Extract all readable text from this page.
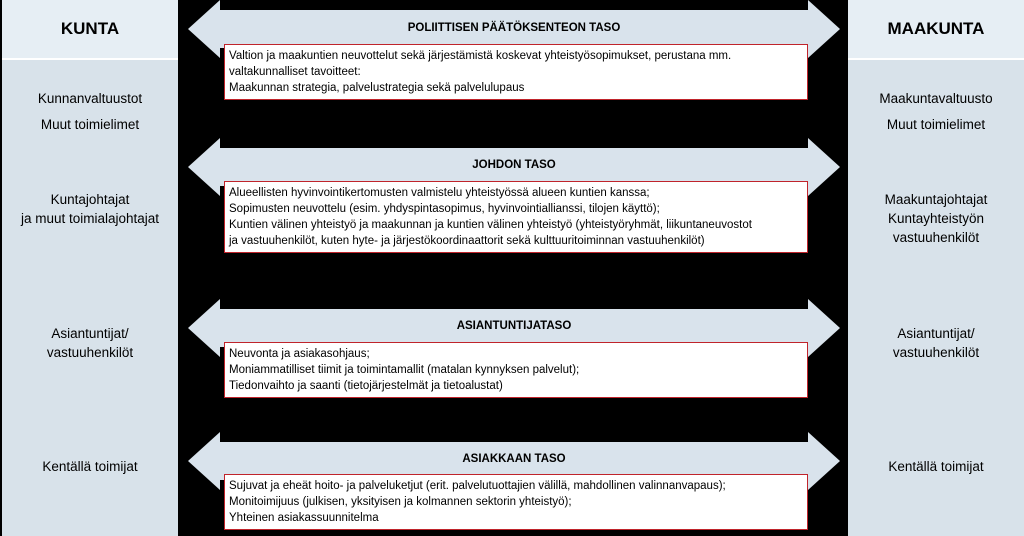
KUNTA
Kunnanvaltuustot
Muut toimielimet
Kuntajohtajat
ja muut toimialajohtajat
Asiantuntijat/
vastuuhenkilöt
Kentällä toimijat
MAAKUNTA
Maakuntavaltuusto
Muut toimielimet
Maakuntajohtajat
Kuntayhteistyön
vastuuhenkilöt
Asiantuntijat/
vastuuhenkilöt
Kentällä toimijat
POLIITTISEN PÄÄTÖKSENTEON TASO
Valtion ja maakuntien neuvottelut sekä järjestämistä koskevat yhteistyösopimukset, perustana mm.
valtakunnalliset tavoitteet:
Maakunnan strategia, palvelustrategia sekä palvelulupaus
JOHDON TASO
Alueellisten hyvinvointikertomusten valmistelu yhteistyössä alueen kuntien kanssa;
Sopimusten neuvottelu (esim. yhdyspintasopimus, hyvinvointiallianssi, tilojen käyttö);
Kuntien välinen yhteistyö ja maakunnan ja kuntien välinen yhteistyö (yhteistyöryhmät, liikuntaneuvostot
ja vastuuhenkilöt, kuten hyte- ja järjestökoordinaattorit sekä kulttuuritoiminnan vastuuhenkilöt)
ASIANTUNTIJATASO
Neuvonta ja asiakasohjaus;
Moniammatilliset tiimit ja toimintamallit (matalan kynnyksen palvelut);
Tiedonvaihto ja saanti (tietojärjestelmät ja tietoalustat)
ASIAKKAAN TASO
Sujuvat ja eheät hoito- ja palveluketjut (erit. palvelutuottajien välillä, mahdollinen valinnanvapaus);
Monitoimijuus (julkisen, yksityisen ja kolmannen sektorin yhteistyö);
Yhteinen asiakassuunnitelma
